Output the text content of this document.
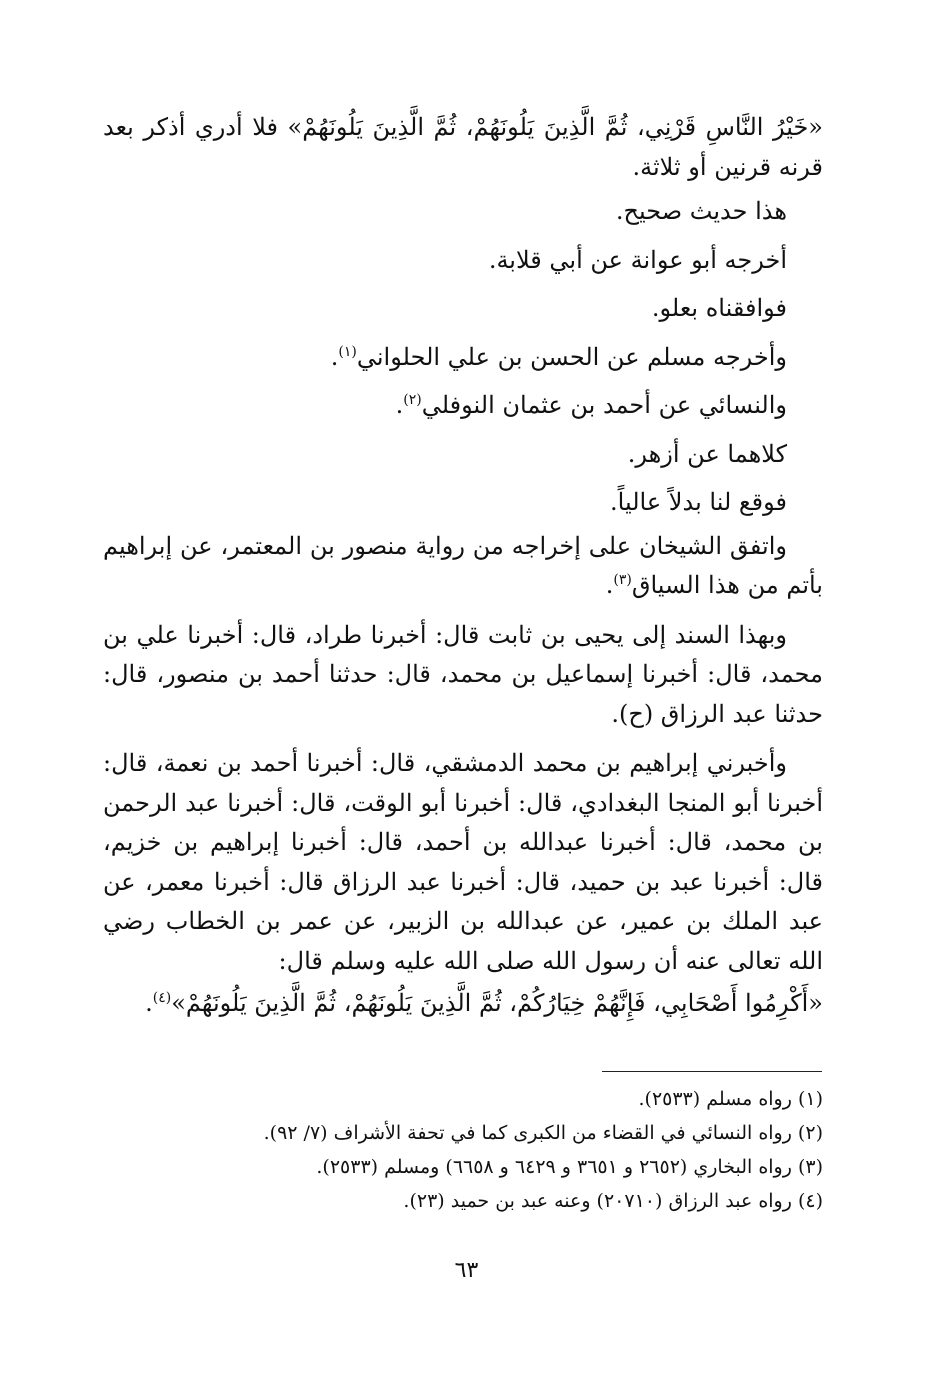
«خَيْرُ النَّاسِ قَرْنِي، ثُمَّ الَّذِينَ يَلُونَهُمْ، ثُمَّ الَّذِينَ يَلُونَهُمْ» فلا أدري أذكر بعد قرنه قرنين أو ثلاثة.

هذا حديث صحيح.

أخرجه أبو عوانة عن أبي قلابة.

فوافقناه بعلو.

وأخرجه مسلم عن الحسن بن علي الحلواني$^{(١)}$.

والنسائي عن أحمد بن عثمان النوفلي$^{(٢)}$.

كلاهما عن أزهر.

فوقع لنا بدلاً عالياً.

واتفق الشيخان على إخراجه من رواية منصور بن المعتمر، عن إبراهيم بأتم من هذا السياق$^{(٣)}$.

وبهذا السند إلى يحيى بن ثابت قال: أخبرنا طراد، قال: أخبرنا علي بن محمد، قال: أخبرنا إسماعيل بن محمد، قال: حدثنا أحمد بن منصور، قال: حدثنا عبد الرزاق (ح).

وأخبرني إبراهيم بن محمد الدمشقي، قال: أخبرنا أحمد بن نعمة، قال: أخبرنا أبو المنجا البغدادي، قال: أخبرنا أبو الوقت، قال: أخبرنا عبد الرحمن بن محمد، قال: أخبرنا عبدالله بن أحمد، قال: أخبرنا إبراهيم بن خزيم، قال: أخبرنا عبد بن حميد، قال: أخبرنا عبد الرزاق قال: أخبرنا معمر، عن عبد الملك بن عمير، عن عبدالله بن الزبير، عن عمر بن الخطاب رضي الله تعالى عنه أن رسول الله صلى الله عليه وسلم قال:

«أَكْرِمُوا أَصْحَابِي، فَإِنَّهُمْ خِيَارُكُمْ، ثُمَّ الَّذِينَ يَلُونَهُمْ، ثُمَّ الَّذِينَ يَلُونَهُمْ»$^{(٤)}$.

(١) رواه مسلم (٢٥٣٣).

(٢) رواه النسائي في القضاء من الكبرى كما في تحفة الأشراف (٧/ ٩٢).

(٣) رواه البخاري (٢٦٥٢ و ٣٦٥١ و ٦٤٢٩ و ٦٦٥٨) ومسلم (٢٥٣٣).

(٤) رواه عبد الرزاق (٢٠٧١٠) وعنه عبد بن حميد (٢٣).

٦٣
